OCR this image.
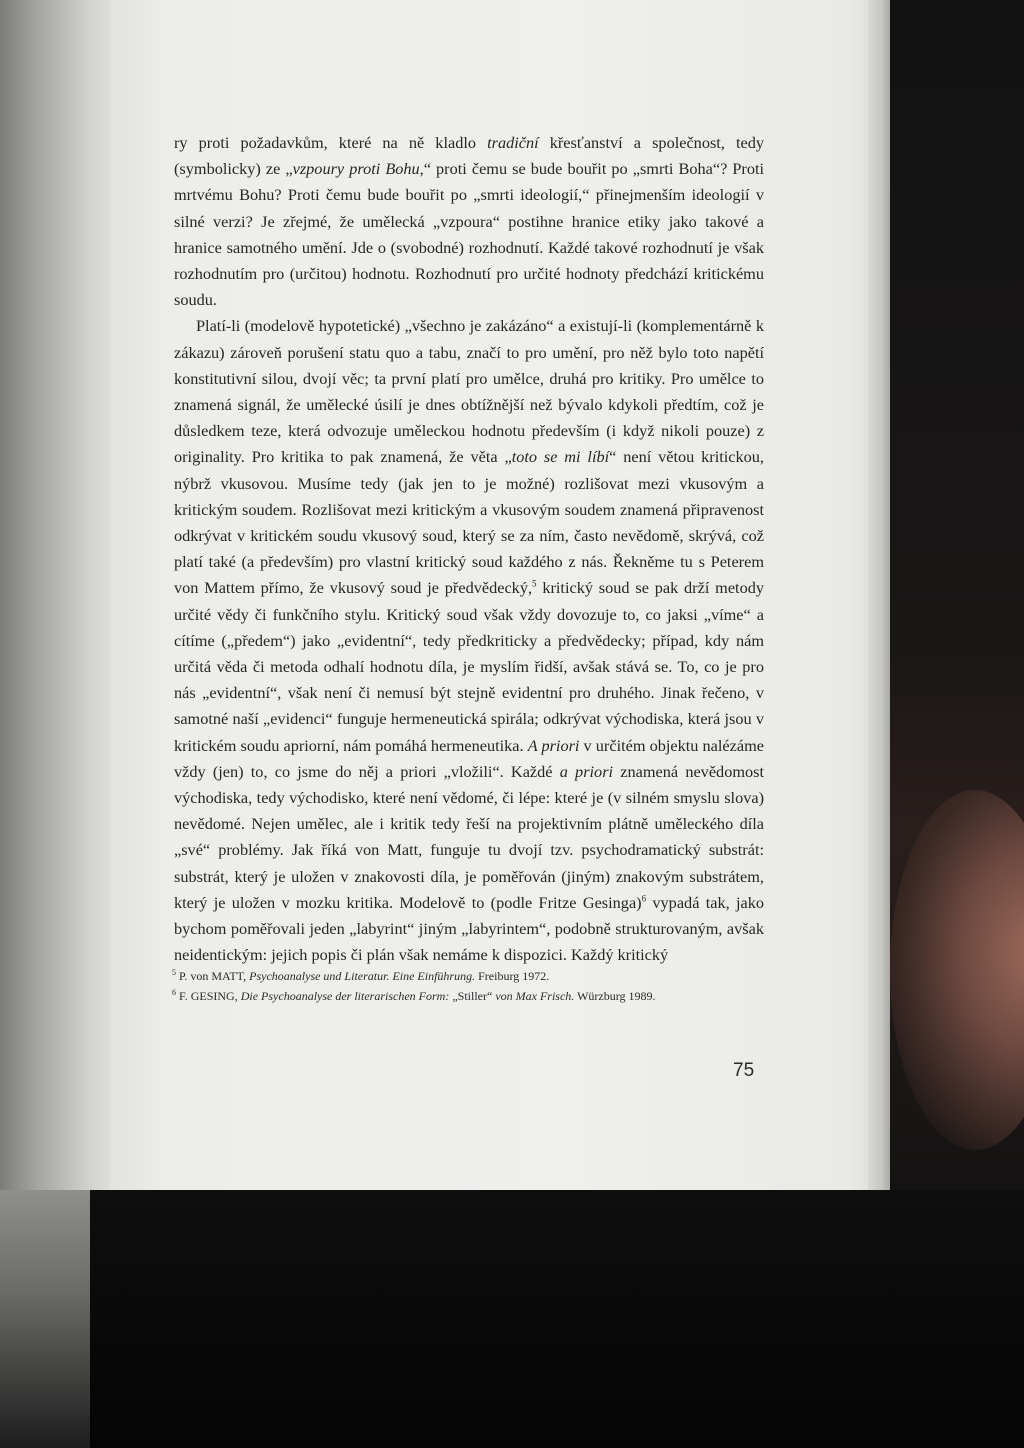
ry proti požadavkům, které na ně kladlo tradiční křesťanství a společnost, tedy (symbolicky) ze „vzpoury proti Bohu,“ proti čemu se bude bouřit po „smrti Boha“? Proti mrtvému Bohu? Proti čemu bude bouřit po „smrti ideologií,“ přinejmenším ideologií v silné verzi? Je zřejmé, že umělecká „vzpoura“ postihne hranice etiky jako takové a hranice samotného umění. Jde o (svobodné) rozhodnutí. Každé takové rozhodnutí je však rozhodnutím pro (určitou) hodnotu. Rozhodnutí pro určité hodnoty předchází kritickému soudu.

Platí-li (modelově hypotetické) „všechno je zakázáno“ a existují-li (komplementárně k zákazu) zároveň porušení statu quo a tabu, značí to pro umění, pro něž bylo toto napětí konstitutivní silou, dvojí věc; ta první platí pro umělce, druhá pro kritiky. Pro umělce to znamená signál, že umělecké úsilí je dnes obtížnější než bývalo kdykoli předtím, což je důsledkem teze, která odvozuje uměleckou hodnotu především (i když nikoli pouze) z originality. Pro kritika to pak znamená, že věta „toto se mi líbí“ není větou kritickou, nýbrž vkusovou. Musíme tedy (jak jen to je možné) rozlišovat mezi vkusovým a kritickým soudem. Rozlišovat mezi kritickým a vkusovým soudem znamená připravenost odkrývat v kritickém soudu vkusový soud, který se za ním, často nevědomě, skrývá, což platí také (a především) pro vlastní kritický soud každého z nás. Řekněme tu s Peterem von Mattem přímo, že vkusový soud je předvědecký,$^5$ kritický soud se pak drží metody určité vědy či funkčního stylu. Kritický soud však vždy dovozuje to, co jaksi „víme“ a cítíme („předem“) jako „evidentní“, tedy předkriticky a předvědecky; případ, kdy nám určitá věda či metoda odhalí hodnotu díla, je myslím řidší, avšak stává se. To, co je pro nás „evidentní“, však není či nemusí být stejně evidentní pro druhého. Jinak řečeno, v samotné naší „evidenci“ funguje hermeneutická spirála; odkrývat východiska, která jsou v kritickém soudu apriorní, nám pomáhá hermeneutika. A priori v určitém objektu nalézáme vždy (jen) to, co jsme do něj a priori „vložili“. Každé a priori znamená nevědomost východiska, tedy východisko, které není vědomé, či lépe: které je (v silném smyslu slova) nevědomé. Nejen umělec, ale i kritik tedy řeší na projektivním plátně uměleckého díla „své“ problémy. Jak říká von Matt, funguje tu dvojí tzv. psychodramatický substrát: substrát, který je uložen v znakovosti díla, je poměřován (jiným) znakovým substrátem, který je uložen v mozku kritika. Modelově to (podle Fritze Gesinga)$^6$ vypadá tak, jako bychom poměřovali jeden „labyrint“ jiným „labyrintem“, podobně strukturovaným, avšak neidentickým: jejich popis či plán však nemáme k dispozici. Každý kritický

$^5$ P. von MATT, Psychoanalyse und Literatur. Eine Einführung. Freiburg 1972.
$^6$ F. GESING, Die Psychoanalyse der literarischen Form: „Stiller“ von Max Frisch. Würzburg 1989.
75
